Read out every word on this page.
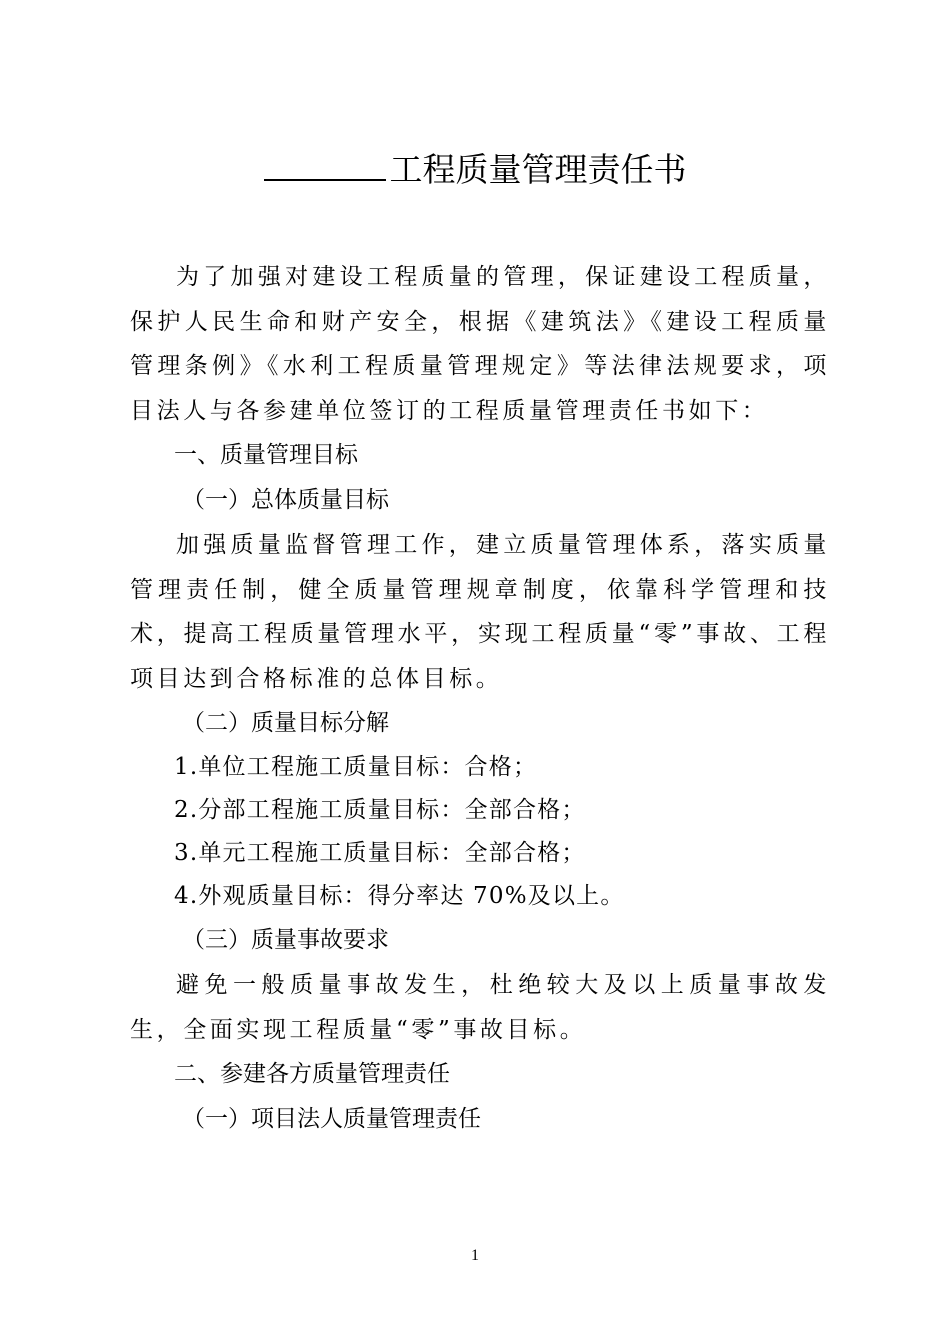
工程质量管理责任书

为了加强对建设工程质量的管理，保证建设工程质量，保护人民生命和财产安全，根据《建筑法》《建设工程质量管理条例》《水利工程质量管理规定》等法律法规要求，项目法人与各参建单位签订的工程质量管理责任书如下：

一、质量管理目标

（一）总体质量目标

加强质量监督管理工作，建立质量管理体系，落实质量管理责任制，健全质量管理规章制度，依靠科学管理和技术，提高工程质量管理水平，实现工程质量“零”事故、工程项目达到合格标准的总体目标。

（二）质量目标分解

1.单位工程施工质量目标：合格；

2.分部工程施工质量目标：全部合格；

3.单元工程施工质量目标：全部合格；

4.外观质量目标：得分率达 70%及以上。

（三）质量事故要求

避免一般质量事故发生，杜绝较大及以上质量事故发生，全面实现工程质量“零”事故目标。

二、参建各方质量管理责任

（一）项目法人质量管理责任

1
